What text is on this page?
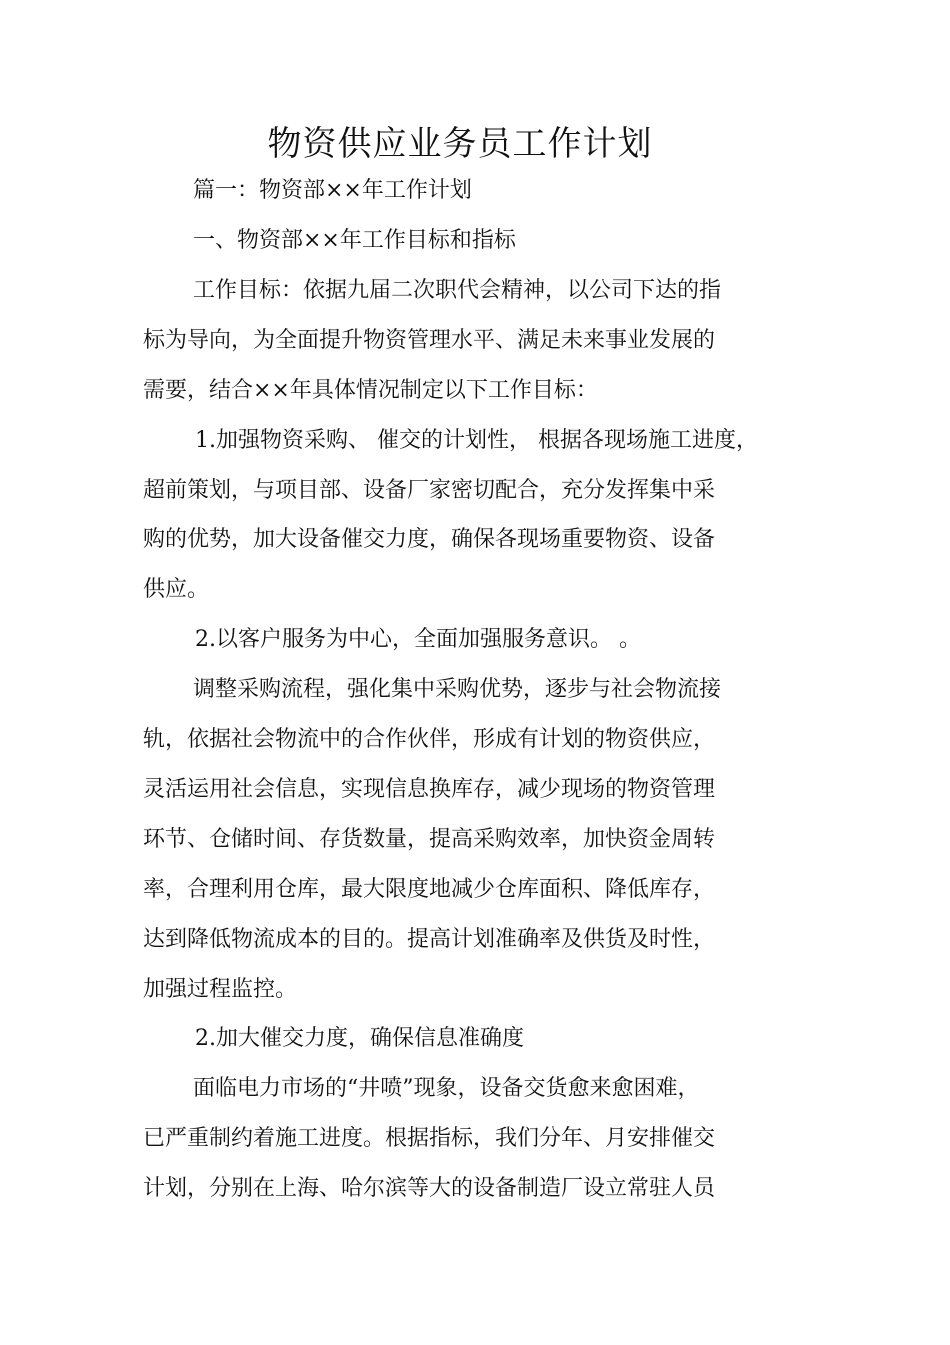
物资供应业务员工作计划

篇一：物资部××年工作计划

一、物资部××年工作目标和指标

工作目标：依据九届二次职代会精神，以公司下达的指

标为导向，为全面提升物资管理水平、满足未来事业发展的

需要，结合××年具体情况制定以下工作目标：

1.加强物资采购、 催交的计划性， 根据各现场施工进度，

超前策划，与项目部、设备厂家密切配合，充分发挥集中采

购的优势，加大设备催交力度，确保各现场重要物资、设备

供应。

2.以客户服务为中心，全面加强服务意识。 。

调整采购流程，强化集中采购优势，逐步与社会物流接

轨，依据社会物流中的合作伙伴，形成有计划的物资供应，

灵活运用社会信息，实现信息换库存，减少现场的物资管理

环节、仓储时间、存货数量，提高采购效率，加快资金周转

率，合理利用仓库，最大限度地减少仓库面积、降低库存，

达到降低物流成本的目的。提高计划准确率及供货及时性，

加强过程监控。

2.加大催交力度，确保信息准确度

面临电力市场的“井喷”现象，设备交货愈来愈困难，

已严重制约着施工进度。根据指标，我们分年、月安排催交

计划，分别在上海、哈尔滨等大的设备制造厂设立常驻人员
